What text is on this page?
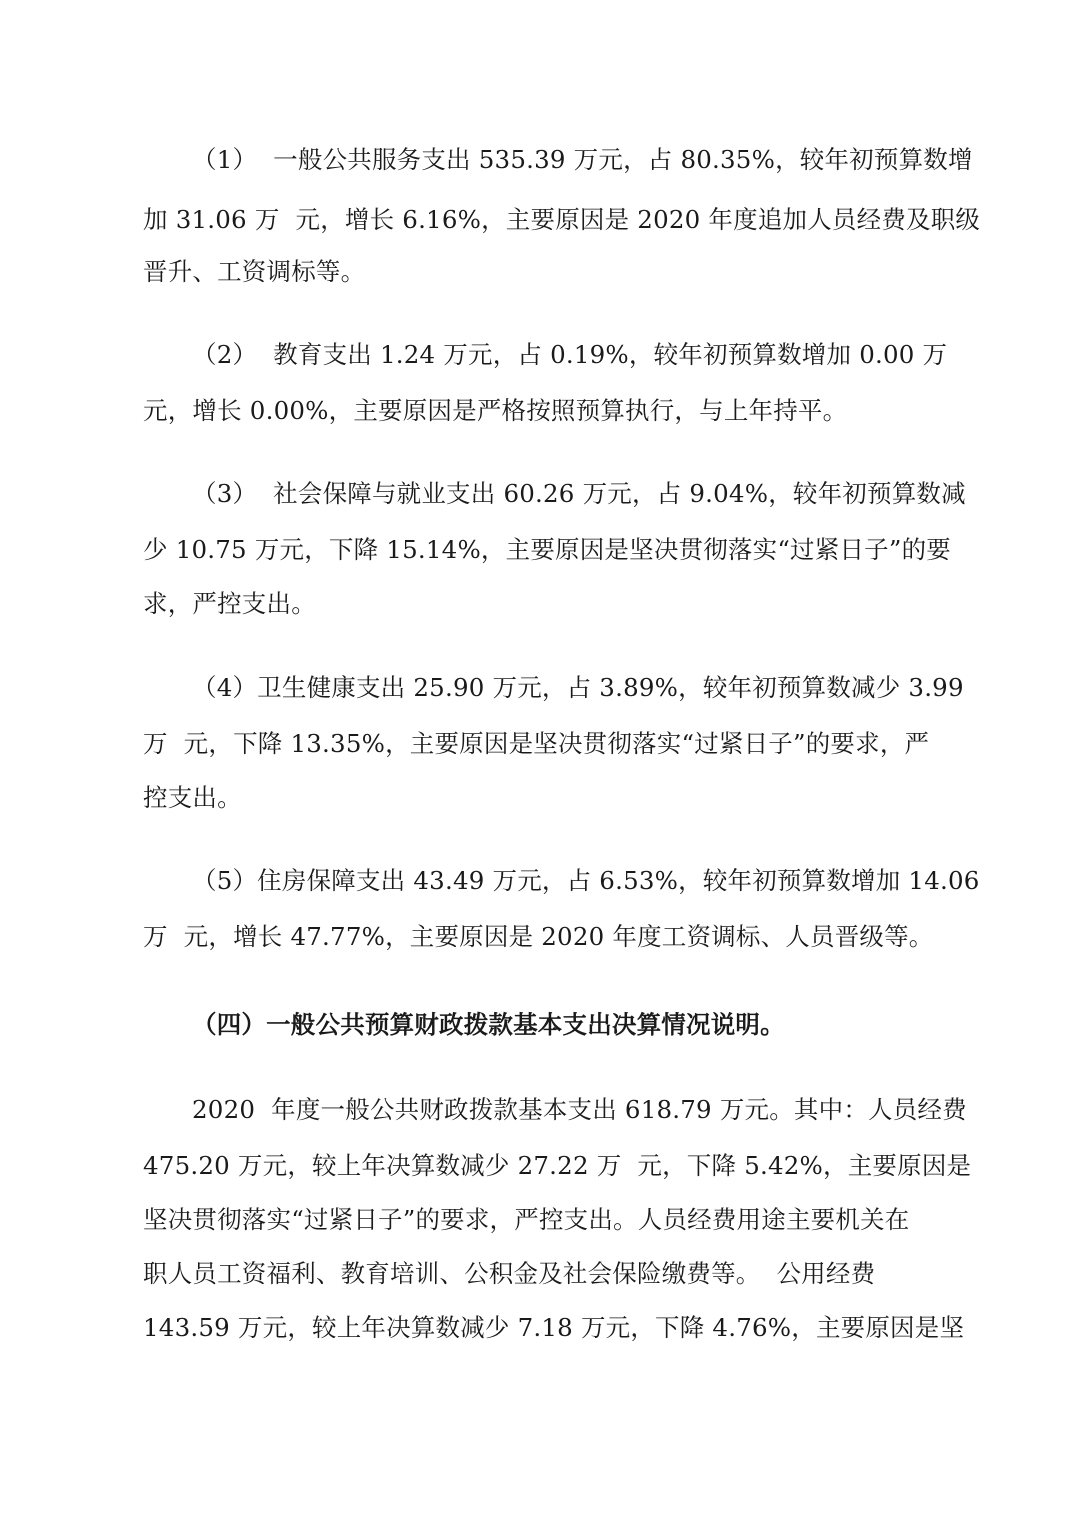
（1）  一般公共服务支出 535.39 万元，占 80.35%，较年初预算数增
加 31.06 万  元，增长 6.16%，主要原因是 2020 年度追加人员经费及职级
晋升、工资调标等。
（2）  教育支出 1.24 万元，占 0.19%，较年初预算数增加 0.00 万
元，增长 0.00%，主要原因是严格按照预算执行，与上年持平。
（3）  社会保障与就业支出 60.26 万元，占 9.04%，较年初预算数减
少 10.75 万元，下降 15.14%，主要原因是坚决贯彻落实“过紧日子”的要
求，严控支出。
（4）卫生健康支出 25.90 万元，占 3.89%，较年初预算数减少 3.99
万  元，下降 13.35%，主要原因是坚决贯彻落实“过紧日子”的要求，严
控支出。
（5）住房保障支出 43.49 万元，占 6.53%，较年初预算数增加 14.06
万  元，增长 47.77%，主要原因是 2020 年度工资调标、人员晋级等。
（四）一般公共预算财政拨款基本支出决算情况说明。
2020  年度一般公共财政拨款基本支出 618.79 万元。其中：人员经费
475.20 万元，较上年决算数减少 27.22 万  元，下降 5.42%，主要原因是
坚决贯彻落实“过紧日子”的要求，严控支出。人员经费用途主要机关在
职人员工资福利、教育培训、公积金及社会保险缴费等。  公用经费
143.59 万元，较上年决算数减少 7.18 万元，下降 4.76%，主要原因是坚
